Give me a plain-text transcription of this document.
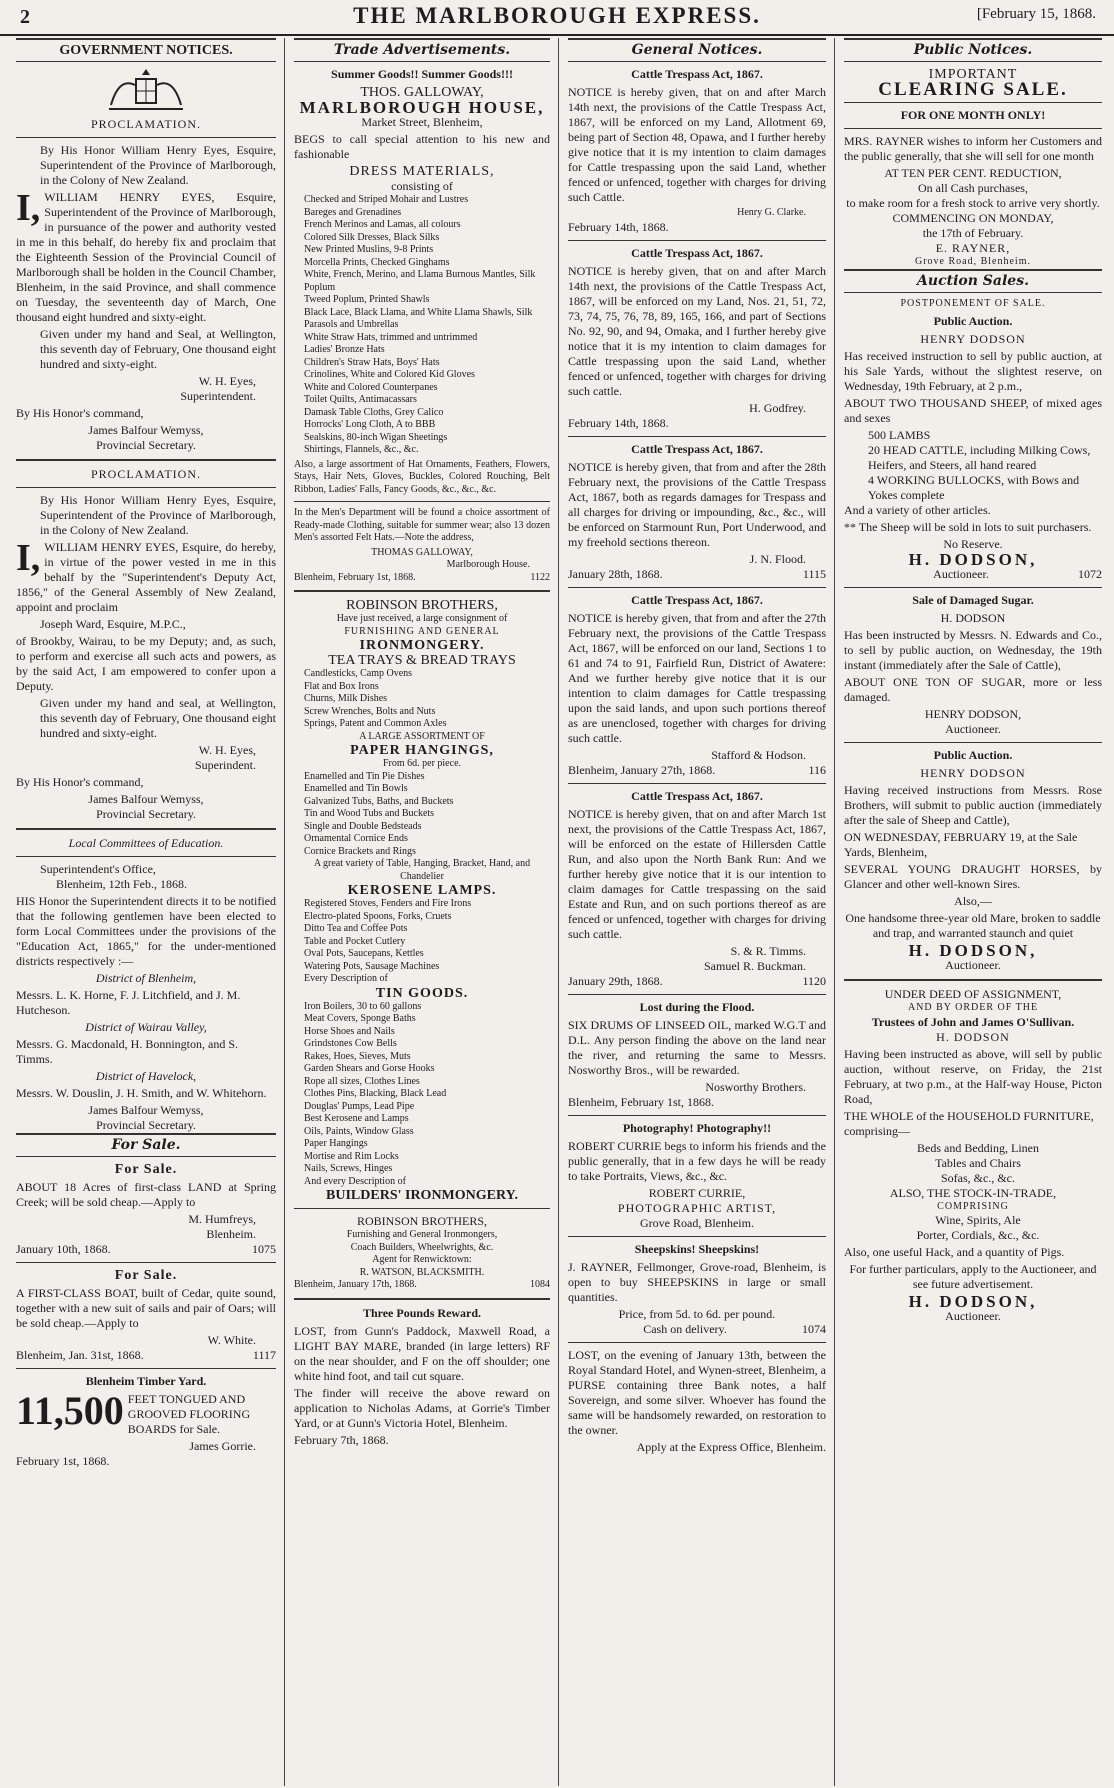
2	THE MARLBOROUGH EXPRESS.	[February 15, 1868.
GOVERNMENT NOTICES.
PROCLAMATION.

By His Honor William Henry Eyes, Esquire, Superintendent of the Province of Marlborough, in the Colony of New Zealand.

I, WILLIAM HENRY EYES, Esquire, Superintendent of the Province of Marlborough, in pursuance of the power and authority vested in me in this behalf, do hereby fix and proclaim that the Eighteenth Session of the Provincial Council of Marlborough shall be holden in the Council Chamber, Blenheim, in the said Province, and shall commence on Tuesday, the seventeenth day of March, One thousand eight hundred and sixty-eight.

Given under my hand and Seal, at Wellington, this seventh day of February, One thousand eight hundred and sixty-eight.

W. H. Eyes,
Superintendent.

By His Honor's command,

James Balfour Wemyss,
Provincial Secretary.
PROCLAMATION.

By His Honor William Henry Eyes, Esquire, Superintendent of the Province of Marlborough, in the Colony of New Zealand.

I, WILLIAM HENRY EYES, Esquire, do hereby, in virtue of the power vested in me in this behalf by the "Superintendent's Deputy Act, 1856," of the General Assembly of New Zealand, appoint and proclaim

Joseph Ward, Esquire, M.P.C.,

of Brookby, Wairau, to be my Deputy; and, as such, to perform and exercise all such acts and powers, as by the said Act, I am empowered to confer upon a Deputy.

Given under my hand and seal, at Wellington, this seventh day of February, One thousand eight hundred and sixty-eight.

W. H. Eyes,
Superindent.

By His Honor's command,

James Balfour Wemyss,
Provincial Secretary.
Local Committees of Education.
Superintendent's Office,
Blenheim, 12th Feb., 1868.

HIS Honor the Superintendent directs it to be notified that the following gentlemen have been elected to form Local Committees under the provisions of the "Education Act, 1865," for the under-mentioned districts respectively :—

District of Blenheim,

Messrs. L. K. Horne, F. J. Litchfield, and J. M. Hutcheson.

District of Wairau Valley,

Messrs. G. Macdonald, H. Bonnington, and S. Timms.

District of Havelock,

Messrs. W. Douslin, J. H. Smith, and W. Whitehorn.

James Balfour Wemyss,
Provincial Secretary.
For Sale.
For Sale.

ABOUT 18 Acres of first-class LAND at Spring Creek; will be sold cheap.—Apply to

M. Humfreys,
Blenheim.
January 10th, 1868.	1075
For Sale.

A FIRST-CLASS BOAT, built of Cedar, quite sound, together with a new suit of sails and pair of Oars; will be sold cheap.—Apply to

W. White.
Blenheim, Jan. 31st, 1868.	1117
Blenheim Timber Yard.

11,500 FEET TONGUED AND GROOVED FLOORING BOARDS for Sale.

James Gorrie.
February 1st, 1868.
Trade Advertisements.
Summer Goods!! Summer Goods!!!
THOS. GALLOWAY,
MARLBOROUGH HOUSE,
Market Street, Blenheim,

BEGS to call special attention to his new and fashionable

DRESS MATERIALS,
consisting of
Checked and Striped Mohair and Lustres
Bareges and Grenadines
French Merinos and Lamas, all colours
Colored Silk Dresses, Black Silks
New Printed Muslins, 9-8 Prints
Morcella Prints, Checked Ginghams
White, French, Merino, and Llama Burnous Mantles, Silk Poplum
Tweed Poplum, Printed Shawls
Black Lace, Black Llama, and White Llama Shawls, Silk Parasols and Umbrellas
White Straw Hats, trimmed and untrimmed
Ladies' Bronze Hats
Children's Straw Hats, Boys' Hats
Crinolines, White and Colored Kid Gloves
White and Colored Counterpanes
Toilet Quilts, Antimacassars
Damask Table Cloths, Grey Calico
Horrocks' Long Cloth, A to BBB
Sealskins, 80-inch Wigan Sheetings
Shirtings, Flannels, &c., &c.

Also, a large assortment of Hat Ornaments, Feathers, Flowers, Stays, Hair Nets, Gloves, Buckles, Colored Rouching, Belt Ribbon, Ladies' Falls, Fancy Goods, &c., &c., &c.

In the Men's Department will be found a choice assortment of Ready-made Clothing, suitable for summer wear; also 13 dozen Men's assorted Felt Hats.—Note the address,

THOMAS GALLOWAY,
Marlborough House.
Blenheim, February 1st, 1868.	1122
ROBINSON BROTHERS,
Have just received, a large consignment of
FURNISHING AND GENERAL
IRONMONGERY.
TEA TRAYS & BREAD TRAYS
Candlesticks, Camp Ovens
Flat and Box Irons
Churns, Milk Dishes
Screw Wrenches, Bolts and Nuts
Springs, Patent and Common Axles
A LARGE ASSORTMENT OF
PAPER HANGINGS,
From 6d. per piece.
Enamelled and Tin Pie Dishes
Enamelled and Tin Bowls
Galvanized Tubs, Baths, and Buckets
Tin and Wood Tubs and Buckets
Single and Double Bedsteads
Ornamental Cornice Ends
Cornice Brackets and Rings
A great variety of Table, Hanging, Bracket, Hand, and Chandelier
KEROSENE LAMPS.
Registered Stoves, Fenders and Fire Irons
Electro-plated Spoons, Forks, Cruets
Ditto Tea and Coffee Pots
Table and Pocket Cutlery
Oval Pots, Saucepans, Kettles
Watering Pots, Sausage Machines
Every Description of
TIN GOODS.
Iron Boilers, 30 to 60 gallons
Meat Covers, Sponge Baths
Horse Shoes and Nails
Grindstones Cow Bells
Rakes, Hoes, Sieves, Muts
Garden Shears and Gorse Hooks
Rope all sizes, Clothes Lines
Clothes Pins, Blacking, Black Lead
Douglas' Pumps, Lead Pipe
Best Kerosene and Lamps
Oils, Paints, Window Glass
Paper Hangings
Mortise and Rim Locks
Nails, Screws, Hinges
And every Description of
BUILDERS' IRONMONGERY.
ROBINSON BROTHERS,
Furnishing and General Ironmongers,
Coach Builders, Wheelwrights, &c.
Agent for Renwicktown:
R. WATSON, BLACKSMITH.
Blenheim, January 17th, 1868.	1084
Three Pounds Reward.

LOST, from Gunn's Paddock, Maxwell Road, a LIGHT BAY MARE, branded (in large letters) RF on the near shoulder, and F on the off shoulder; one white hind foot, and tail cut square.

The finder will receive the above reward on application to Nicholas Adams, at Gorrie's Timber Yard, or at Gunn's Victoria Hotel, Blenheim.

February 7th, 1868.
General Notices.
Cattle Trespass Act, 1867.

NOTICE is hereby given, that on and after March 14th next, the provisions of the Cattle Trespass Act, 1867, will be enforced on my Land, Allotment 69, being part of Section 48, Opawa, and I further hereby give notice that it is my intention to claim damages for Cattle trespassing upon the said Land, whether fenced or unfenced, together with charges for driving such Cattle.

Henry G. Clarke.
February 14th, 1868.
Cattle Trespass Act, 1867.

NOTICE is hereby given, that on and after March 14th next, the provisions of the Cattle Trespass Act, 1867, will be enforced on my Land, Nos. 21, 51, 72, 73, 74, 75, 76, 78, 89, 165, 166, and part of Sections No. 92, 90, and 94, Omaka, and I further hereby give notice that it is my intention to claim damages for Cattle trespassing upon the said Land, whether fenced or unfenced, together with charges for driving such cattle.

H. Godfrey.
February 14th, 1868.
Cattle Trespass Act, 1867.

NOTICE is hereby given, that from and after the 28th February next, the provisions of the Cattle Trespass Act, 1867, both as regards damages for Trespass and all charges for driving or impounding, &c., &c., will be enforced on Starmount Run, Port Underwood, and my freehold sections thereon.

J. N. Flood.
January 28th, 1868.	1115
Cattle Trespass Act, 1867.

NOTICE is hereby given, that from and after the 27th February next, the provisions of the Cattle Trespass Act, 1867, will be enforced on our land, Sections 1 to 61 and 74 to 91, Fairfield Run, District of Awatere: And we further hereby give notice that it is our intention to claim damages for Cattle trespassing upon the said lands, and upon such portions thereof as are unenclosed, together with charges for driving such cattle.

Stafford & Hodson.
Blenheim, January 27th, 1868.	116
Cattle Trespass Act, 1867.

NOTICE is hereby given, that on and after March 1st next, the provisions of the Cattle Trespass Act, 1867, will be enforced on the estate of Hillersden Cattle Run, and also upon the North Bank Run: And we further hereby give notice that it is our intention to claim damages for Cattle trespassing on the said Estate and Run, and on such portions thereof as are fenced or unfenced, together with charges for driving such cattle.

S. & R. Timms.
Samuel R. Buckman.
January 29th, 1868.	1120
Lost during the Flood.

SIX DRUMS OF LINSEED OIL, marked W.G.T and D.L. Any person finding the above on the land near the river, and returning the same to Messrs. Nosworthy Bros., will be rewarded.

Nosworthy Brothers.
Blenheim, February 1st, 1868.
Photography! Photography!!

ROBERT CURRIE begs to inform his friends and the public generally, that in a few days he will be ready to take Portraits, Views, &c., &c.

ROBERT CURRIE,
PHOTOGRAPHIC ARTIST,
Grove Road, Blenheim.
Sheepskins! Sheepskins!

J. RAYNER, Fellmonger, Grove-road, Blenheim, is open to buy SHEEPSKINS in large or small quantities.

Price, from 5d. to 6d. per pound.
Cash on delivery.	1074

LOST, on the evening of January 13th, between the Royal Standard Hotel, and Wynen-street, Blenheim, a PURSE containing three Bank notes, a half Sovereign, and some silver. Whoever has found the same will be handsomely rewarded, on restoration to the owner.

Apply at the Express Office, Blenheim.
Public Notices.
IMPORTANT
CLEARING SALE.
FOR ONE MONTH ONLY!

MRS. RAYNER wishes to inform her Customers and the public generally, that she will sell for one month

AT TEN PER CENT. REDUCTION,
On all Cash purchases,
to make room for a fresh stock to arrive very shortly.
COMMENCING ON MONDAY,
the 17th of February.
E. RAYNER,
Grove Road, Blenheim.
Auction Sales.
POSTPONEMENT OF SALE.
Public Auction.
HENRY DODSON

Has received instruction to sell by public auction, at his Sale Yards, without the slightest reserve, on Wednesday, 19th February, at 2 p.m.,

ABOUT TWO THOUSAND SHEEP, of mixed ages and sexes

500 LAMBS
20 HEAD CATTLE, including Milking Cows, Heifers, and Steers, all hand reared
4 WORKING BULLOCKS, with Bows and Yokes complete
And a variety of other articles.

** The Sheep will be sold in lots to suit purchasers.

No Reserve.
H. DODSON,
Auctioneer.	1072
Sale of Damaged Sugar.
H. DODSON

Has been instructed by Messrs. N. Edwards and Co., to sell by public auction, on Wednesday, the 19th instant (immediately after the Sale of Cattle),

ABOUT ONE TON OF SUGAR, more or less damaged.

HENRY DODSON,
Auctioneer.
Public Auction.
HENRY DODSON

Having received instructions from Messrs. Rose Brothers, will submit to public auction (immediately after the sale of Sheep and Cattle),

ON WEDNESDAY, FEBRUARY 19, at the Sale Yards, Blenheim,

SEVERAL YOUNG DRAUGHT HORSES, by Glancer and other well-known Sires.

Also,—

One handsome three-year old Mare, broken to saddle and trap, and warranted staunch and quiet

H. DODSON,
Auctioneer.
UNDER DEED OF ASSIGNMENT,
AND BY ORDER OF THE
Trustees of John and James O'Sullivan.
H. DODSON

Having been instructed as above, will sell by public auction, without reserve, on Friday, the 21st February, at two p.m., at the Half-way House, Picton Road,

THE WHOLE of the HOUSEHOLD FURNITURE, comprising—

Beds and Bedding, Linen
Tables and Chairs
Sofas, &c., &c.
ALSO, THE STOCK-IN-TRADE,
COMPRISING
Wine, Spirits, Ale
Porter, Cordials, &c., &c.

Also, one useful Hack, and a quantity of Pigs.

For further particulars, apply to the Auctioneer, and see future advertisement.

H. DODSON,
Auctioneer.
